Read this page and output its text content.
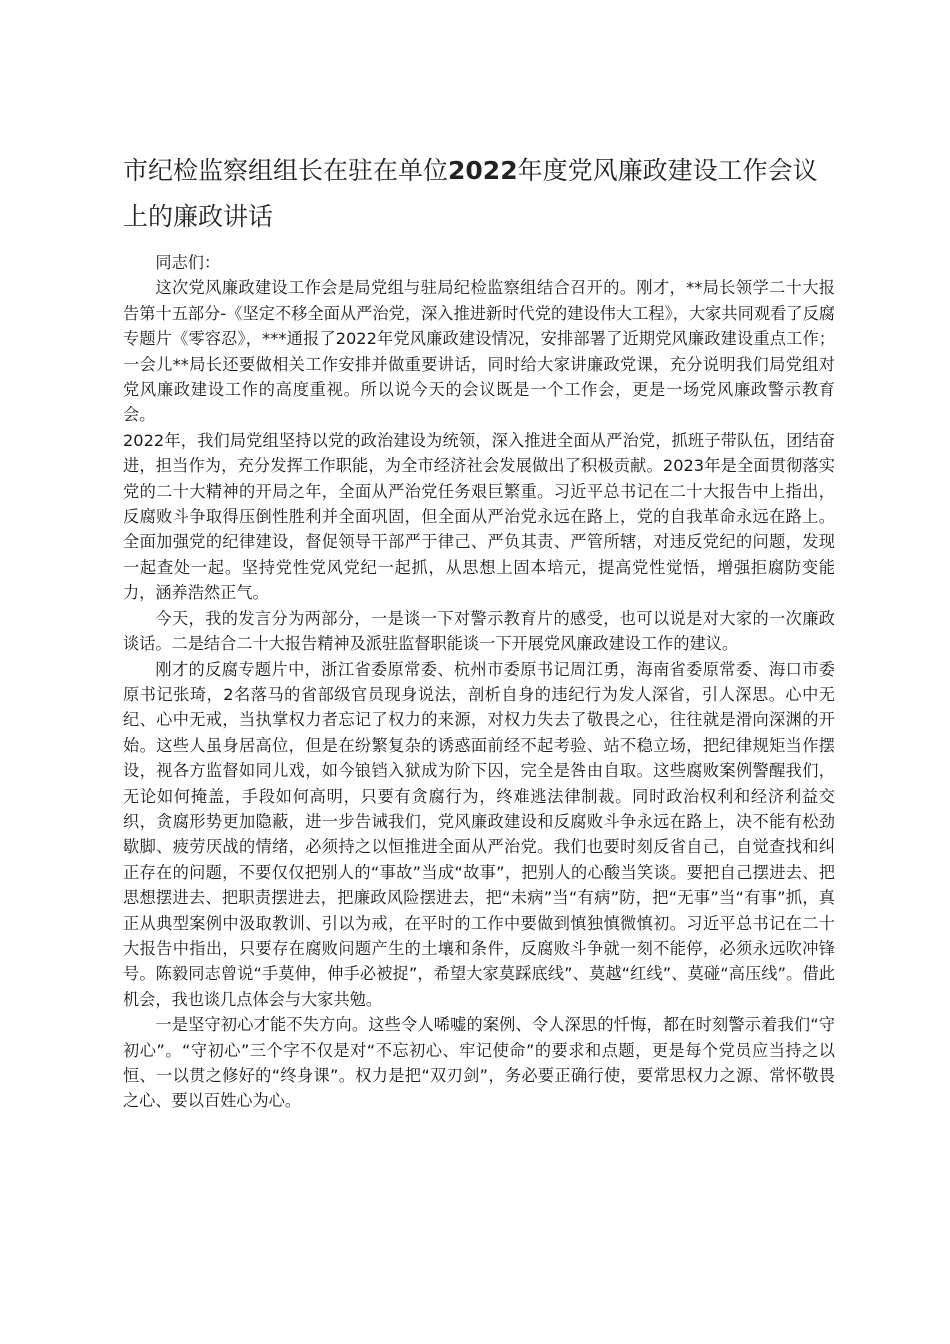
市纪检监察组组长在驻在单位2022年度党风廉政建设工作会议上的廉政讲话

同志们：

这次党风廉政建设工作会是局党组与驻局纪检监察组结合召开的。刚才，**局长领学二十大报告第十五部分-《坚定不移全面从严治党，深入推进新时代党的建设伟大工程》，大家共同观看了反腐专题片《零容忍》，***通报了2022年党风廉政建设情况，安排部署了近期党风廉政建设重点工作；一会儿**局长还要做相关工作安排并做重要讲话，同时给大家讲廉政党课，充分说明我们局党组对党风廉政建设工作的高度重视。所以说今天的会议既是一个工作会，更是一场党风廉政警示教育会。

2022年，我们局党组坚持以党的政治建设为统领，深入推进全面从严治党，抓班子带队伍，团结奋进，担当作为，充分发挥工作职能，为全市经济社会发展做出了积极贡献。2023年是全面贯彻落实党的二十大精神的开局之年，全面从严治党任务艰巨繁重。习近平总书记在二十大报告中上指出，反腐败斗争取得压倒性胜利并全面巩固，但全面从严治党永远在路上，党的自我革命永远在路上。全面加强党的纪律建设，督促领导干部严于律己、严负其责、严管所辖，对违反党纪的问题，发现一起查处一起。坚持党性党风党纪一起抓，从思想上固本培元，提高党性觉悟，增强拒腐防变能力，涵养浩然正气。

今天，我的发言分为两部分，一是谈一下对警示教育片的感受，也可以说是对大家的一次廉政谈话。二是结合二十大报告精神及派驻监督职能谈一下开展党风廉政建设工作的建议。

刚才的反腐专题片中，浙江省委原常委、杭州市委原书记周江勇，海南省委原常委、海口市委原书记张琦，2名落马的省部级官员现身说法，剖析自身的违纪行为发人深省，引人深思。心中无纪、心中无戒，当执掌权力者忘记了权力的来源，对权力失去了敬畏之心，往往就是滑向深渊的开始。这些人虽身居高位，但是在纷繁复杂的诱惑面前经不起考验、站不稳立场，把纪律规矩当作摆设，视各方监督如同儿戏，如今锒铛入狱成为阶下囚，完全是咎由自取。这些腐败案例警醒我们，无论如何掩盖，手段如何高明，只要有贪腐行为，终难逃法律制裁。同时政治权利和经济利益交织，贪腐形势更加隐蔽，进一步告诫我们，党风廉政建设和反腐败斗争永远在路上，决不能有松劲歇脚、疲劳厌战的情绪，必须持之以恒推进全面从严治党。我们也要时刻反省自己，自觉查找和纠正存在的问题，不要仅仅把别人的“事故”当成“故事”，把别人的心酸当笑谈。要把自己摆进去、把思想摆进去、把职责摆进去，把廉政风险摆进去，把“未病”当“有病”防，把“无事”当“有事”抓，真正从典型案例中汲取教训、引以为戒，在平时的工作中要做到慎独慎微慎初。习近平总书记在二十大报告中指出，只要存在腐败问题产生的土壤和条件，反腐败斗争就一刻不能停，必须永远吹冲锋号。陈毅同志曾说“手莫伸，伸手必被捉”，希望大家莫踩底线”、莫越“红线”、莫碰“高压线”。借此机会，我也谈几点体会与大家共勉。

一是坚守初心才能不失方向。这些令人唏嘘的案例、令人深思的忏悔，都在时刻警示着我们“守初心”。“守初心”三个字不仅是对“不忘初心、牢记使命”的要求和点题，更是每个党员应当持之以恒、一以贯之修好的“终身课”。权力是把“双刃剑”，务必要正确行使，要常思权力之源、常怀敬畏之心、要以百姓心为心。
